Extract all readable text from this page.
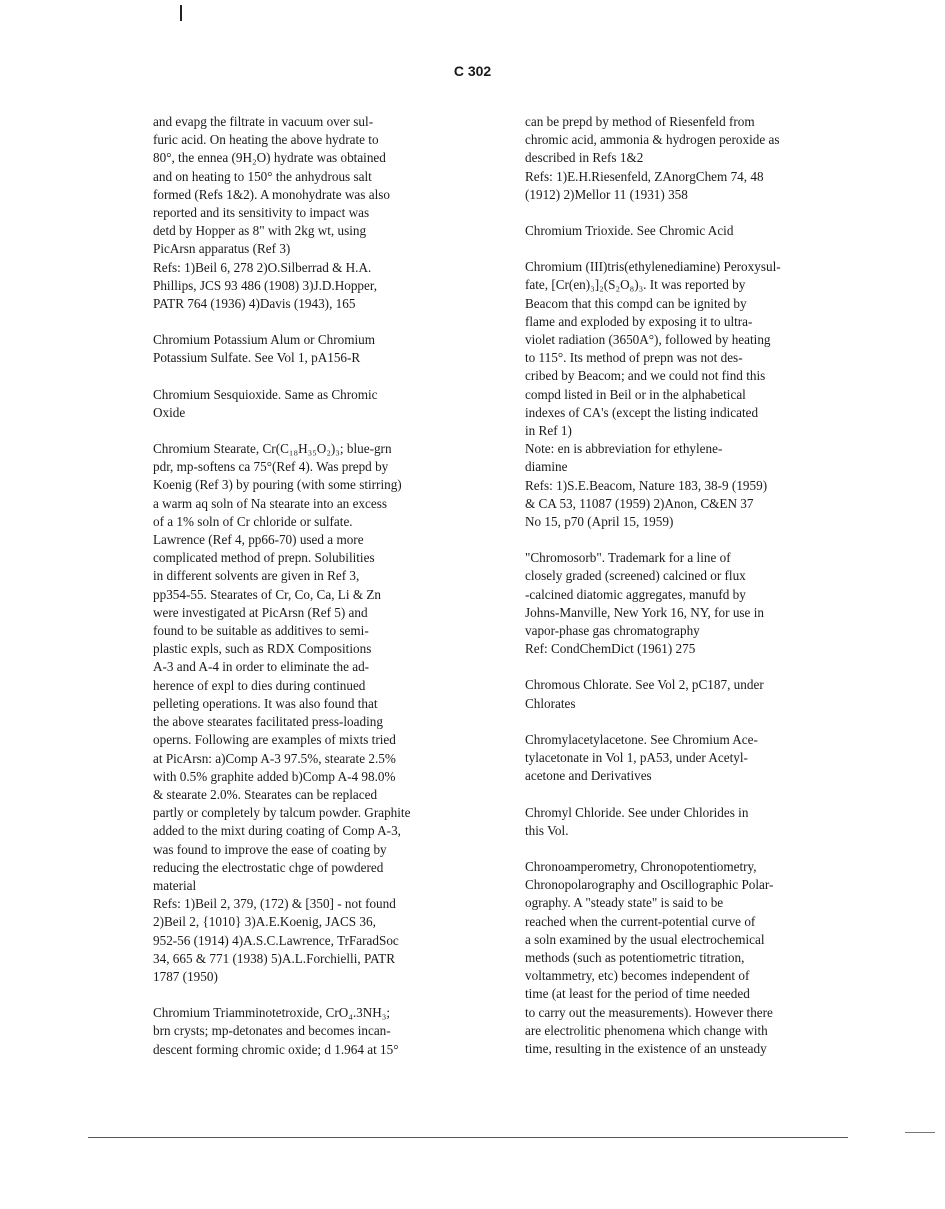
C 302
and evapg the filtrate in vacuum over sul-
furic acid. On heating the above hydrate to
80°, the ennea (9H₂O) hydrate was obtained
and on heating to 150° the anhydrous salt
formed (Refs 1&2). A monohydrate was also
reported and its sensitivity to impact was
detd by Hopper as 8" with 2kg wt, using
PicArsn apparatus (Ref 3)
Refs: 1)Beil 6, 278 2)O.Silberrad & H.A.
Phillips, JCS 93 486 (1908) 3)J.D.Hopper,
PATR 764 (1936) 4)Davis (1943), 165
Chromium Potassium Alum or Chromium
Potassium Sulfate. See Vol 1, pA156-R
Chromium Sesquioxide. Same as Chromic
Oxide
Chromium Stearate, Cr(C₁₈H₃₅O₂)₃; blue-grn
pdr, mp-softens ca 75°(Ref 4). Was prepd by
Koenig (Ref 3) by pouring (with some stirring)
a warm aq soln of Na stearate into an excess
of a 1% soln of Cr chloride or sulfate.
Lawrence (Ref 4, pp66-70) used a more
complicated method of prepn. Solubilities
in different solvents are given in Ref 3,
pp354-55. Stearates of Cr, Co, Ca, Li & Zn
were investigated at PicArsn (Ref 5) and
found to be suitable as additives to semi-
plastic expls, such as RDX Compositions
A-3 and A-4 in order to eliminate the ad-
herence of expl to dies during continued
pelleting operations. It was also found that
the above stearates facilitated press-loading
operns. Following are examples of mixts tried
at PicArsn: a)Comp A-3 97.5%, stearate 2.5%
with 0.5% graphite added b)Comp A-4 98.0%
& stearate 2.0%. Stearates can be replaced
partly or completely by talcum powder. Graphite
added to the mixt during coating of Comp A-3,
was found to improve the ease of coating by
reducing the electrostatic chge of powdered
material
Refs: 1)Beil 2, 379, (172) & [350] - not found
2)Beil 2, {1010} 3)A.E.Koenig, JACS 36,
952-56 (1914) 4)A.S.C.Lawrence, TrFaradSoc
34, 665 & 771 (1938) 5)A.L.Forchielli, PATR
1787 (1950)
Chromium Triamminotetroxide, CrO₄.3NH₃;
brn crysts; mp-detonates and becomes incan-
descent forming chromic oxide; d 1.964 at 15°
can be prepd by method of Riesenfeld from
chromic acid, ammonia & hydrogen peroxide as
described in Refs 1&2
Refs: 1)E.H.Riesenfeld, ZAnorgChem 74, 48
(1912) 2)Mellor 11 (1931) 358
Chromium Trioxide. See Chromic Acid
Chromium (III)tris(ethylenediamine) Peroxysul-
fate, [Cr(en)₃]₂(S₂O₈)₃. It was reported by
Beacom that this compd can be ignited by
flame and exploded by exposing it to ultra-
violet radiation (3650A°), followed by heating
to 115°. Its method of prepn was not des-
cribed by Beacom; and we could not find this
compd listed in Beil or in the alphabetical
indexes of CA's (except the listing indicated
in Ref 1)
Note: en is abbreviation for ethylene-
diamine
Refs: 1)S.E.Beacom, Nature 183, 38-9 (1959)
& CA 53, 11087 (1959) 2)Anon, C&EN 37
No 15, p70 (April 15, 1959)
"Chromosorb". Trademark for a line of
closely graded (screened) calcined or flux
-calcined diatomic aggregates, manufd by
Johns-Manville, New York 16, NY, for use in
vapor-phase gas chromatography
Ref: CondChemDict (1961) 275
Chromous Chlorate. See Vol 2, pC187, under
Chlorates
Chromylacetylacetone. See Chromium Ace-
tylacetonate in Vol 1, pA53, under Acetyl-
acetone and Derivatives
Chromyl Chloride. See under Chlorides in
this Vol.
Chronoamperometry, Chronopotentiometry,
Chronopolarography and Oscillographic Polar-
ography. A "steady state" is said to be
reached when the current-potential curve of
a soln examined by the usual electrochemical
methods (such as potentiometric titration,
voltammetry, etc) becomes independent of
time (at least for the period of time needed
to carry out the measurements). However there
are electrolitic phenomena which change with
time, resulting in the existence of an unsteady
